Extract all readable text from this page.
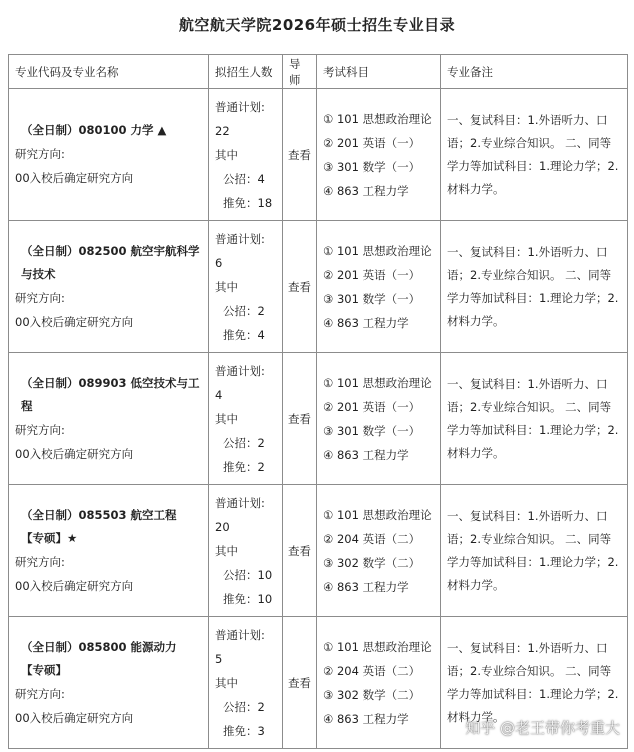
航空航天学院2026年硕士招生专业目录
专业代码及专业名称	拟招生人数	导师	考试科目	专业备注

（全日制）080100 力学 ▲
研究方向:
00入校后确定研究方向	普通计划:
22
其中
公招：4
推免：18	查看	① 101 思想政治理论
② 201 英语（一）
③ 301 数学（一）
④ 863 工程力学	一、复试科目：1.外语听力、口语；2.专业综合知识。 二、同等学力等加试科目：1.理论力学；2.材料力学。

（全日制）082500 航空宇航科学与技术
研究方向:
00入校后确定研究方向	普通计划:
6
其中
公招：2
推免：4	查看	① 101 思想政治理论
② 201 英语（一）
③ 301 数学（一）
④ 863 工程力学	一、复试科目：1.外语听力、口语；2.专业综合知识。 二、同等学力等加试科目：1.理论力学；2.材料力学。

（全日制）089903 低空技术与工程
研究方向:
00入校后确定研究方向	普通计划:
4
其中
公招：2
推免：2	查看	① 101 思想政治理论
② 201 英语（一）
③ 301 数学（一）
④ 863 工程力学	一、复试科目：1.外语听力、口语；2.专业综合知识。 二、同等学力等加试科目：1.理论力学；2.材料力学。

（全日制）085503 航空工程 【专硕】★
研究方向:
00入校后确定研究方向	普通计划:
20
其中
公招：10
推免：10	查看	① 101 思想政治理论
② 204 英语（二）
③ 302 数学（二）
④ 863 工程力学	一、复试科目：1.外语听力、口语；2.专业综合知识。 二、同等学力等加试科目：1.理论力学；2.材料力学。

（全日制）085800 能源动力 【专硕】
研究方向:
00入校后确定研究方向	普通计划:
5
其中
公招：2
推免：3	查看	① 101 思想政治理论
② 204 英语（二）
③ 302 数学（二）
④ 863 工程力学	一、复试科目：1.外语听力、口语；2.专业综合知识。 二、同等学力等加试科目：1.理论力学；2.材料力学。
知乎 @老王带你考重大
